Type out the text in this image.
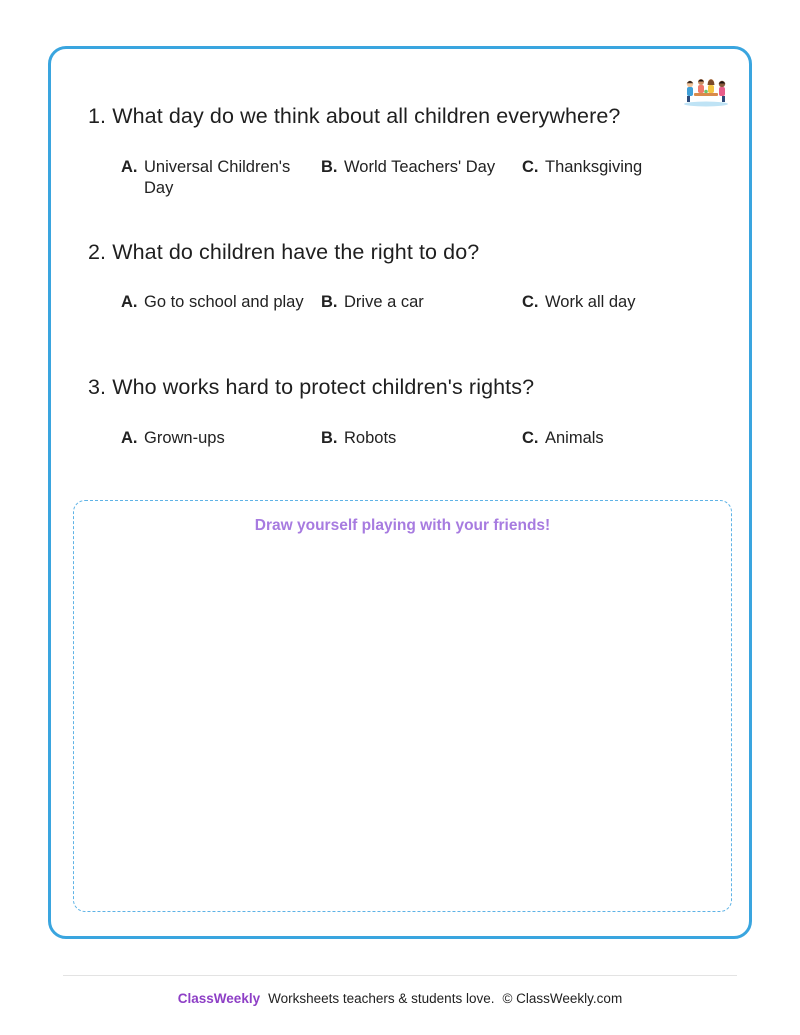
1. What day do we think about all children everywhere?
A. Universal Children's Day
B. World Teachers' Day C. Thanksgiving
2. What do children have the right to do?
A. Go to school and play B. Drive a car	C. Work all day
3. Who works hard to protect children's rights?
A. Grown-ups	B. Robots	C. Animals
Draw yourself playing with your friends!
ClassWeekly Worksheets teachers & students love. © ClassWeekly.com
